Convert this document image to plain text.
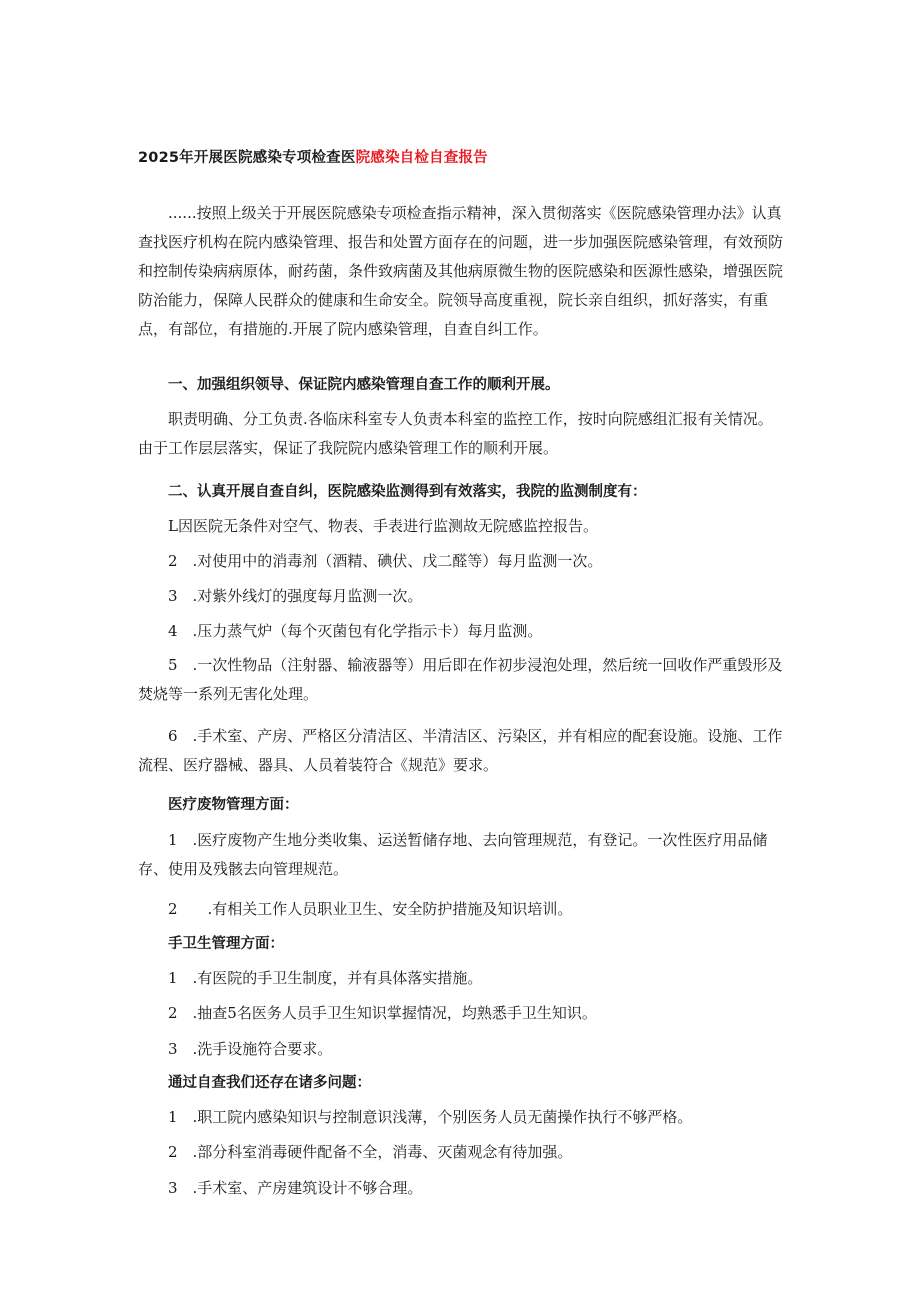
2025年开展医院感染专项检查医院感染自检自查报告

......按照上级关于开展医院感染专项检查指示精神，深入贯彻落实《医院感染管理办法》认真查找医疗机构在院内感染管理、报告和处置方面存在的问题，进一步加强医院感染管理，有效预防和控制传染病病原体，耐药菌，条件致病菌及其他病原微生物的医院感染和医源性感染，增强医院防治能力，保障人民群众的健康和生命安全。院领导高度重视，院长亲自组织，抓好落实，有重点，有部位，有措施的.开展了院内感染管理，自查自纠工作。

一、加强组织领导、保证院内感染管理自查工作的顺利开展。

职责明确、分工负责.各临床科室专人负责本科室的监控工作，按时向院感组汇报有关情况。由于工作层层落实，保证了我院院内感染管理工作的顺利开展。

二、认真开展自查自纠，医院感染监测得到有效落实，我院的监测制度有：

L因医院无条件对空气、物表、手表进行监测故无院感监控报告。

2　.对使用中的消毒剂（酒精、碘伏、戊二醛等）每月监测一次。

3　.对紫外线灯的强度每月监测一次。

4　.压力蒸气炉（每个灭菌包有化学指示卡）每月监测。

5　.一次性物品（注射器、输液器等）用后即在作初步浸泡处理，然后统一回收作严重毁形及焚烧等一系列无害化处理。

6　.手术室、产房、严格区分清洁区、半清洁区、污染区，并有相应的配套设施。设施、工作流程、医疗器械、器具、人员着装符合《规范》要求。

医疗废物管理方面：

1　.医疗废物产生地分类收集、运送暂储存地、去向管理规范，有登记。一次性医疗用品储存、使用及残骸去向管理规范。

2　　.有相关工作人员职业卫生、安全防护措施及知识培训。

手卫生管理方面：

1　.有医院的手卫生制度，并有具体落实措施。

2　.抽查5名医务人员手卫生知识掌握情况，均熟悉手卫生知识。

3　.洗手设施符合要求。

通过自查我们还存在诸多问题：

1　.职工院内感染知识与控制意识浅薄，个别医务人员无菌操作执行不够严格。

2　.部分科室消毒硬件配备不全，消毒、灭菌观念有待加强。

3　.手术室、产房建筑设计不够合理。
